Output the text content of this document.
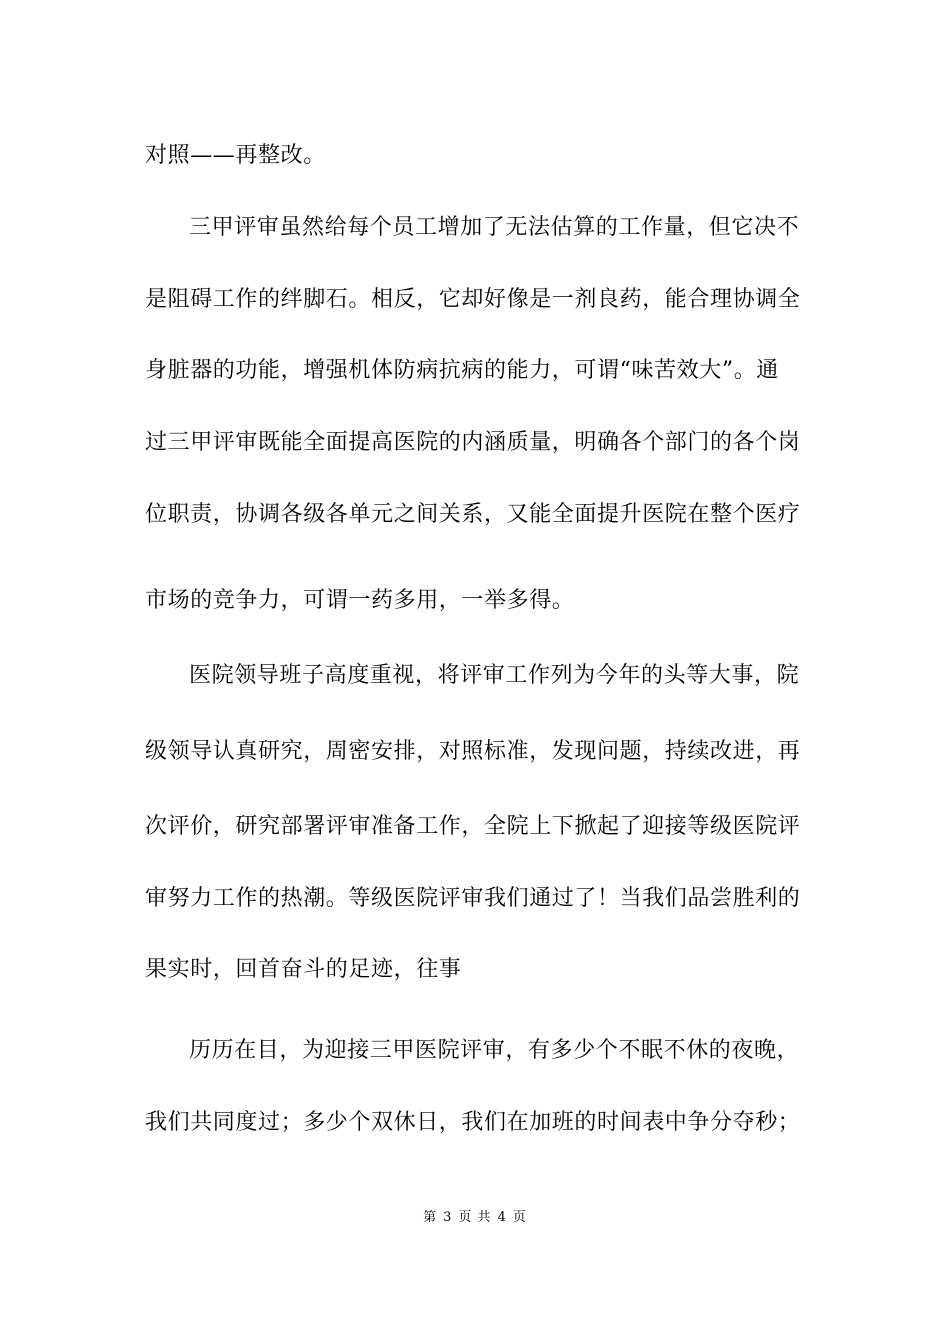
对照——再整改。
三甲评审虽然给每个员工增加了无法估算的工作量，但它决不
是阻碍工作的绊脚石。相反，它却好像是一剂良药，能合理协调全
身脏器的功能，增强机体防病抗病的能力，可谓“味苦效大”。通
过三甲评审既能全面提高医院的内涵质量，明确各个部门的各个岗
位职责，协调各级各单元之间关系，又能全面提升医院在整个医疗
市场的竞争力，可谓一药多用，一举多得。
医院领导班子高度重视，将评审工作列为今年的头等大事，院
级领导认真研究，周密安排，对照标准，发现问题，持续改进，再
次评价，研究部署评审准备工作，全院上下掀起了迎接等级医院评
审努力工作的热潮。等级医院评审我们通过了！当我们品尝胜利的
果实时，回首奋斗的足迹，往事
历历在目，为迎接三甲医院评审，有多少个不眠不休的夜晚，
我们共同度过；多少个双休日，我们在加班的时间表中争分夺秒；
第 3 页 共 4 页
